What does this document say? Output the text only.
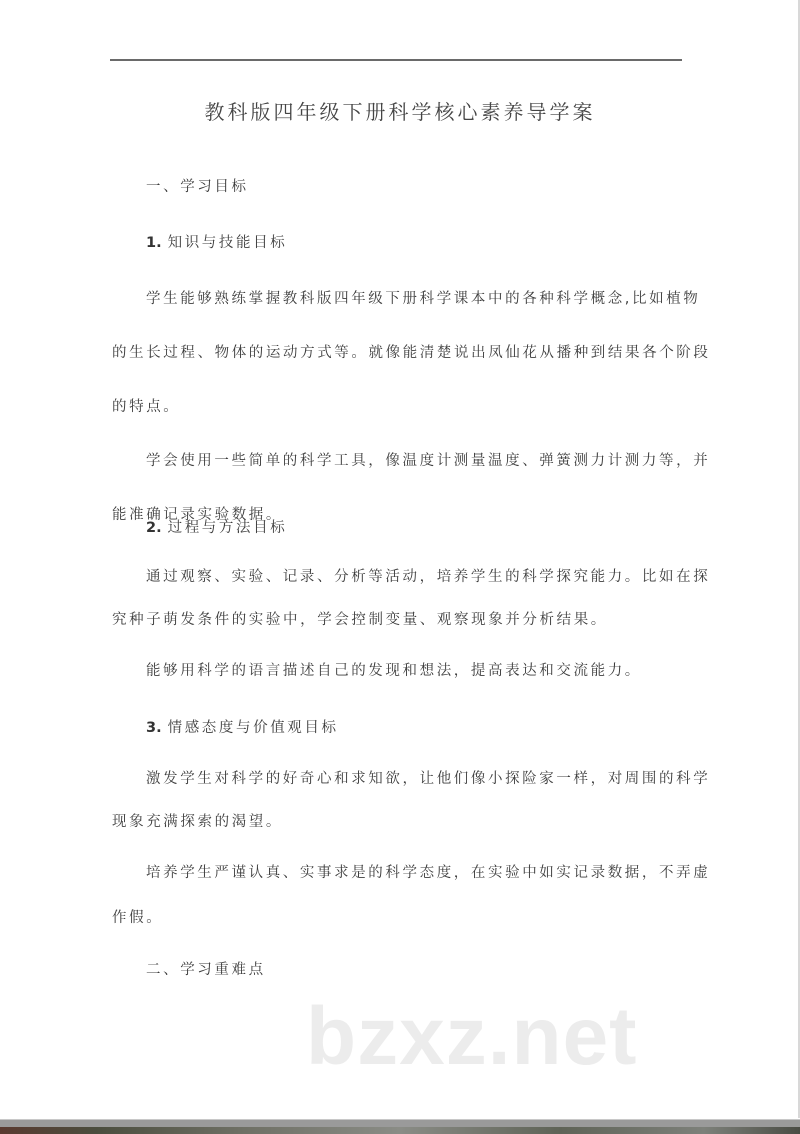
教科版四年级下册科学核心素养导学案
一、学习目标
1. 知识与技能目标
学生能够熟练掌握教科版四年级下册科学课本中的各种科学概念,比如植物
的生长过程、物体的运动方式等。就像能清楚说出凤仙花从播种到结果各个阶段
的特点。
学会使用一些简单的科学工具，像温度计测量温度、弹簧测力计测力等，并
能准确记录实验数据。
2. 过程与方法目标
通过观察、实验、记录、分析等活动，培养学生的科学探究能力。比如在探
究种子萌发条件的实验中，学会控制变量、观察现象并分析结果。
能够用科学的语言描述自己的发现和想法，提高表达和交流能力。
3. 情感态度与价值观目标
激发学生对科学的好奇心和求知欲，让他们像小探险家一样，对周围的科学
现象充满探索的渴望。
培养学生严谨认真、实事求是的科学态度，在实验中如实记录数据，不弄虚
作假。
二、学习重难点
bzxz.net
